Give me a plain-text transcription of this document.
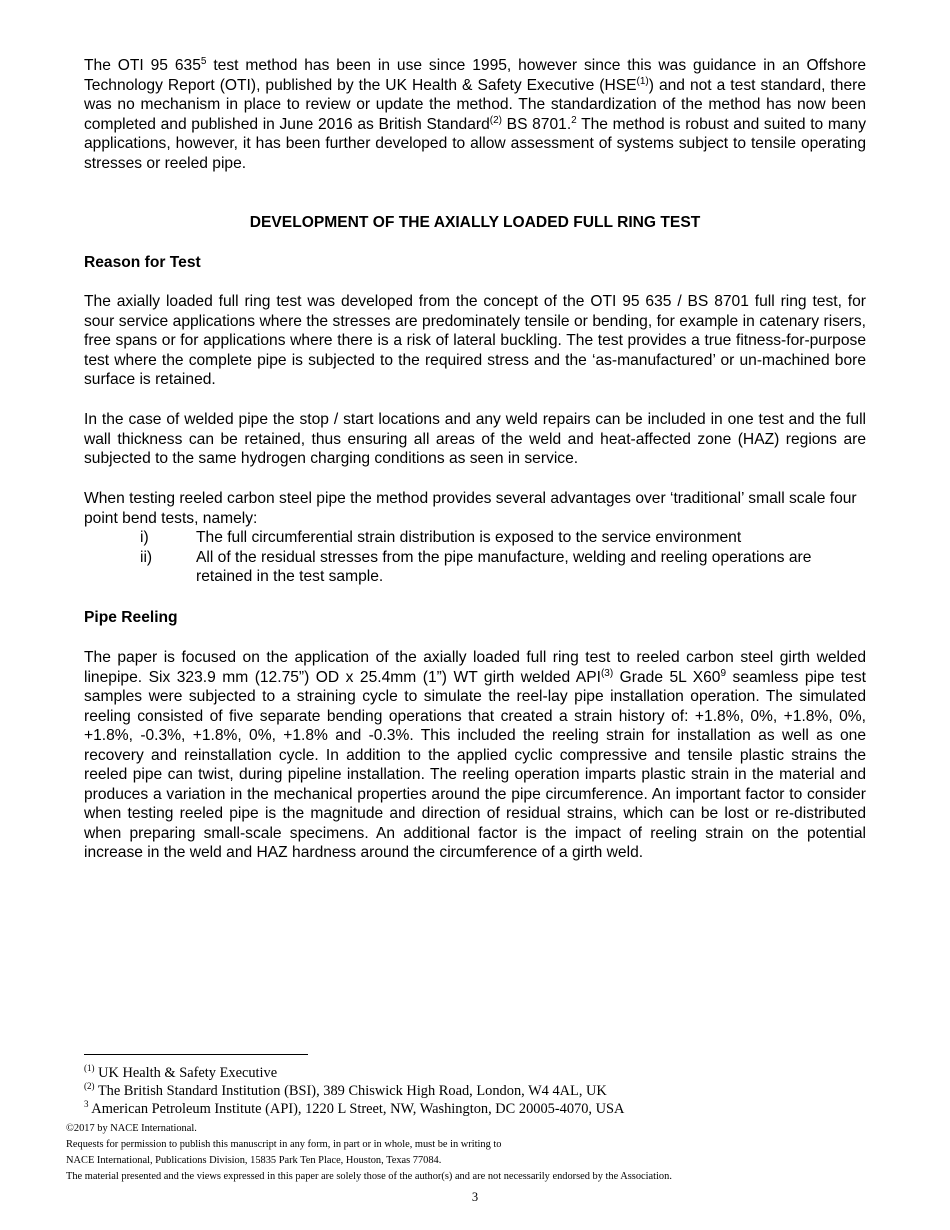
The OTI 95 $635^5$ test method has been in use since 1995, however since this was guidance in an Offshore Technology Report (OTI), published by the UK Health & Safety Executive (HSE$^{(1)}$) and not a test standard, there was no mechanism in place to review or update the method. The standardization of the method has now been completed and published in June 2016 as British Standard$^{(2)}$ BS 8701.$^2$ The method is robust and suited to many applications, however, it has been further developed to allow assessment of systems subject to tensile operating stresses or reeled pipe.

DEVELOPMENT OF THE AXIALLY LOADED FULL RING TEST

Reason for Test

The axially loaded full ring test was developed from the concept of the OTI 95 635 / BS 8701 full ring test, for sour service applications where the stresses are predominately tensile or bending, for example in catenary risers, free spans or for applications where there is a risk of lateral buckling. The test provides a true fitness-for-purpose test where the complete pipe is subjected to the required stress and the ‘as-manufactured’ or un-machined bore surface is retained.

In the case of welded pipe the stop / start locations and any weld repairs can be included in one test and the full wall thickness can be retained, thus ensuring all areas of the weld and heat-affected zone (HAZ) regions are subjected to the same hydrogen charging conditions as seen in service.

When testing reeled carbon steel pipe the method provides several advantages over ‘traditional’ small scale four point bend tests, namely:

i)	The full circumferential strain distribution is exposed to the service environment
ii)	All of the residual stresses from the pipe manufacture, welding and reeling operations are retained in the test sample.

Pipe Reeling

The paper is focused on the application of the axially loaded full ring test to reeled carbon steel girth welded linepipe. Six 323.9 mm (12.75”) OD x 25.4mm (1”) WT girth welded API$^{(3)}$ Grade 5L $X60^9$ seamless pipe test samples were subjected to a straining cycle to simulate the reel-lay pipe installation operation. The simulated reeling consisted of five separate bending operations that created a strain history of: +1.8%, 0%, +1.8%, 0%, +1.8%, -0.3%, +1.8%, 0%, +1.8% and -0.3%. This included the reeling strain for installation as well as one recovery and reinstallation cycle. In addition to the applied cyclic compressive and tensile plastic strains the reeled pipe can twist, during pipeline installation. The reeling operation imparts plastic strain in the material and produces a variation in the mechanical properties around the pipe circumference. An important factor to consider when testing reeled pipe is the magnitude and direction of residual strains, which can be lost or re-distributed when preparing small-scale specimens. An additional factor is the impact of reeling strain on the potential increase in the weld and HAZ hardness around the circumference of a girth weld.

$^{(1)}$ UK Health & Safety Executive

$^{(2)}$ The British Standard Institution (BSI), 389 Chiswick High Road, London, W4 4AL, UK

$^3$ American Petroleum Institute (API), 1220 L Street, NW, Washington, DC 20005-4070, USA

©2017 by NACE International.

Requests for permission to publish this manuscript in any form, in part or in whole, must be in writing to

NACE International, Publications Division, 15835 Park Ten Place, Houston, Texas 77084.

The material presented and the views expressed in this paper are solely those of the author(s) and are not necessarily endorsed by the Association.

3
